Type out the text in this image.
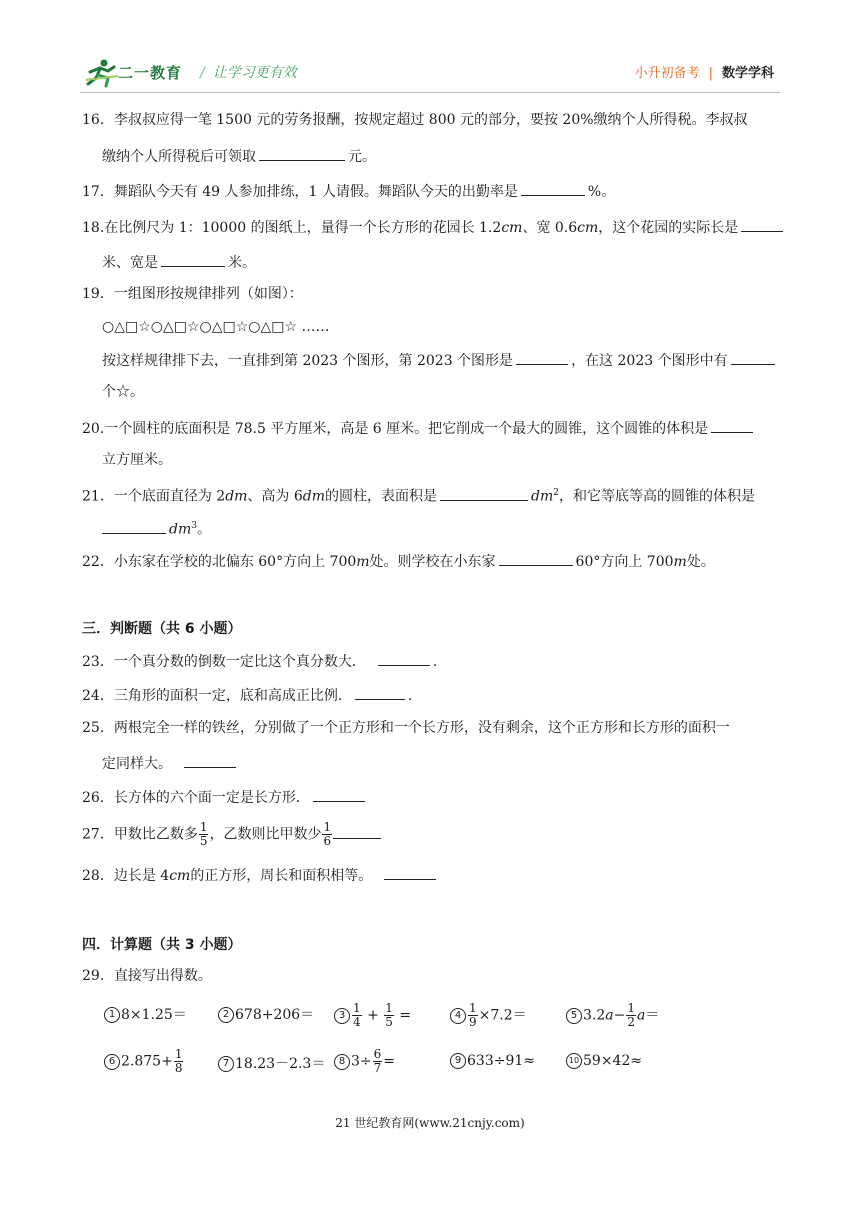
二一教育 / 让学习更有效	小升初备考 | 数学学科
16．李叔叔应得一笔 1500 元的劳务报酬，按规定超过 800 元的部分，要按 20%缴纳个人所得税。李叔叔
缴纳个人所得税后可领取	元。
17．舞蹈队今天有 49 人参加排练，1 人请假。舞蹈队今天的出勤率是	%。
18.在比例尺为 1：10000 的图纸上，量得一个长方形的花园长 1.2cm、宽 0.6cm，这个花园的实际长是
米、宽是	米。
19．一组图形按规律排列（如图）：
○△□☆○△□☆○△□☆○△□☆ ……
按这样规律排下去，一直排到第 2023 个图形，第 2023 个图形是	，在这 2023 个图形中有
个☆。
20.一个圆柱的底面积是 78.5 平方厘米，高是 6 厘米。把它削成一个最大的圆锥，这个圆锥的体积是
立方厘米。
21．一个底面直径为 2dm、高为 6dm的圆柱，表面积是	$dm^2$，和它等底等高的圆锥的体积是
$dm^3$。
22．小东家在学校的北偏东 60°方向上 700m处。则学校在小东家	60°方向上 700m处。
三．判断题（共 6 小题）
23．一个真分数的倒数一定比这个真分数大．	.
24．三角形的面积一定，底和高成正比例．	.
25．两根完全一样的铁丝，分别做了一个正方形和一个长方形，没有剩余，这个正方形和长方形的面积一
定同样大。
26．长方体的六个面一定是长方形．
27．甲数比乙数多 $\frac{1}{5}$ ，乙数则比甲数少 $\frac{1}{6}$
28．边长是 4cm的正方形，周长和面积相等。
四．计算题（共 3 小题）
29．直接写出得数。
1 8×1.25＝	2 678+206＝	$3 \frac{1}{4} + \frac{1}{5}$ =	$4 \frac{1}{9} \times 7.2=$	5 $3.2a- \frac{1}{2} a=$
6 $2.875+ \frac{1}{8}$	7 18.23－2.3＝	8 $3\div \frac{6}{7}$ =	9 633÷91≈	10 59×42≈
21 世纪教育网(www.21cnjy.com)
